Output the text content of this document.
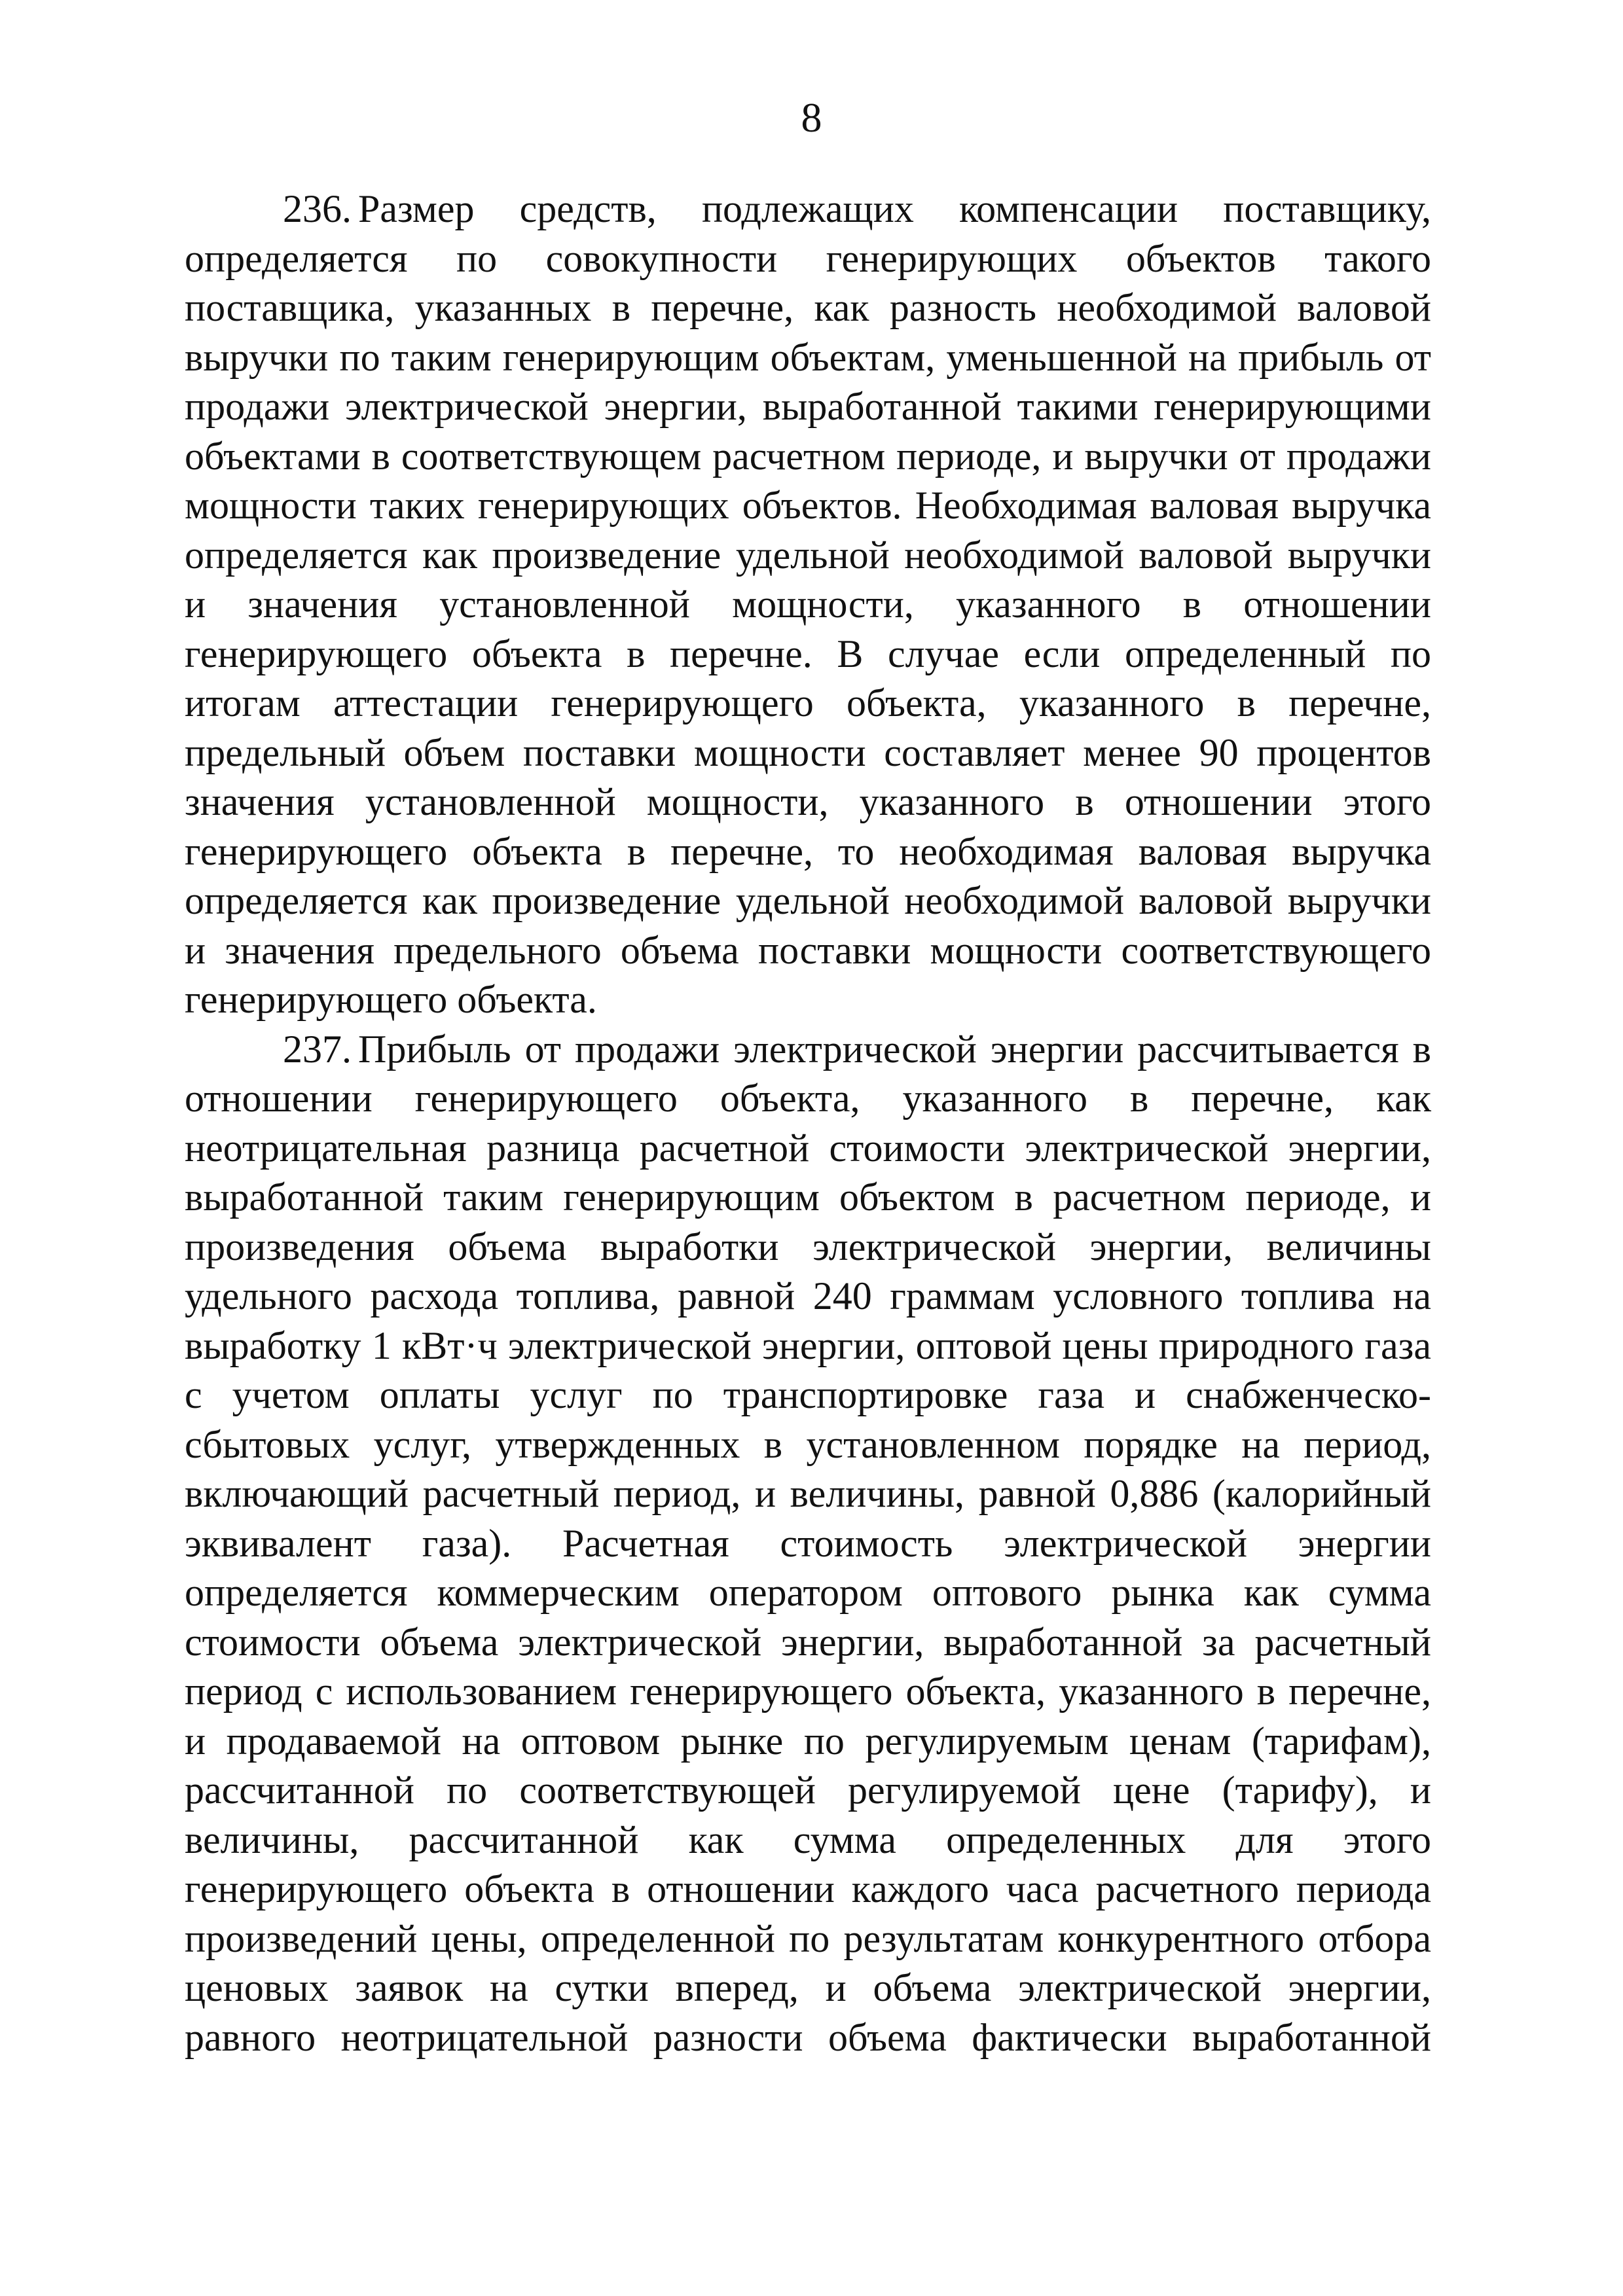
8

236. Размер средств, подлежащих компенсации поставщику, определяется по совокупности генерирующих объектов такого поставщика, указанных в перечне, как разность необходимой валовой выручки по таким генерирующим объектам, уменьшенной на прибыль от продажи электрической энергии, выработанной такими генерирующими объектами в соответствующем расчетном периоде, и выручки от продажи мощности таких генерирующих объектов. Необходимая валовая выручка определяется как произведение удельной необходимой валовой выручки и значения установленной мощности, указанного в отношении генерирующего объекта в перечне. В случае если определенный по итогам аттестации генерирующего объекта, указанного в перечне, предельный объем поставки мощности составляет менее 90 процентов значения установленной мощности, указанного в отношении этого генерирующего объекта в перечне, то необходимая валовая выручка определяется как произведение удельной необходимой валовой выручки и значения предельного объема поставки мощности соответствующего генерирующего объекта.

237. Прибыль от продажи электрической энергии рассчитывается в отношении генерирующего объекта, указанного в перечне, как неотрицательная разница расчетной стоимости электрической энергии, выработанной таким генерирующим объектом в расчетном периоде, и произведения объема выработки электрической энергии, величины удельного расхода топлива, равной 240 граммам условного топлива на выработку 1 кВт·ч электрической энергии, оптовой цены природного газа с учетом оплаты услуг по транспортировке газа и снабженческо-сбытовых услуг, утвержденных в установленном порядке на период, включающий расчетный период, и величины, равной 0,886 (калорийный эквивалент газа). Расчетная стоимость электрической энергии определяется коммерческим оператором оптового рынка как сумма стоимости объема электрической энергии, выработанной за расчетный период с использованием генерирующего объекта, указанного в перечне, и продаваемой на оптовом рынке по регулируемым ценам (тарифам), рассчитанной по соответствующей регулируемой цене (тарифу), и величины, рассчитанной как сумма определенных для этого генерирующего объекта в отношении каждого часа расчетного периода произведений цены, определенной по результатам конкурентного отбора ценовых заявок на сутки вперед, и объема электрической энергии, равного неотрицательной разности объема фактически выработанной
